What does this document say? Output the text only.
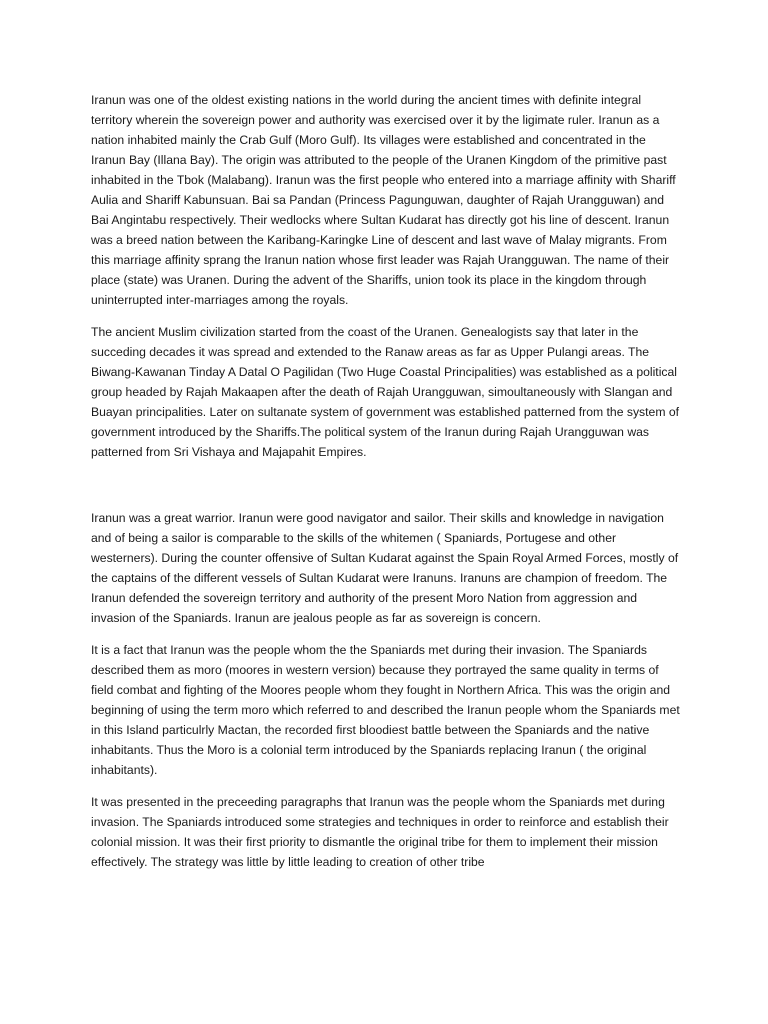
Iranun was one of the oldest existing nations in the world during the ancient times with definite integral territory wherein the sovereign power and authority was exercised over it by the ligimate ruler. Iranun as a nation inhabited mainly the Crab Gulf (Moro Gulf). Its villages were established and concentrated in the Iranun Bay (Illana Bay). The origin was attributed to the people of the Uranen Kingdom of the primitive past inhabited in the Tbok (Malabang). Iranun was the first people who entered into a marriage affinity with Shariff Aulia and Shariff Kabunsuan. Bai sa Pandan (Princess Pagunguwan, daughter of Rajah Urangguwan) and Bai Angintabu respectively. Their wedlocks where Sultan Kudarat has directly got his line of descent. Iranun was a breed nation between the Karibang-Karingke Line of descent and last wave of Malay migrants. From this marriage affinity sprang the Iranun nation whose first leader was Rajah Urangguwan. The name of their place (state) was Uranen. During the advent of the Shariffs, union took its place in the kingdom through uninterrupted inter-marriages among the royals.

The ancient Muslim civilization started from the coast of the Uranen. Genealogists say that later in the succeding decades it was spread and extended to the Ranaw areas as far as Upper Pulangi areas. The Biwang-Kawanan Tinday A Datal O Pagilidan (Two Huge Coastal Principalities) was established as a political group headed by Rajah Makaapen after the death of Rajah Urangguwan, simoultaneously with Slangan and Buayan principalities. Later on sultanate system of government was established patterned from the system of government introduced by the Shariffs.The political system of the Iranun during Rajah Urangguwan was patterned from Sri Vishaya and Majapahit Empires.

Iranun was a great warrior. Iranun were good navigator and sailor. Their skills and knowledge in navigation and of being a sailor is comparable to the skills of the whitemen ( Spaniards, Portugese and other westerners). During the counter offensive of Sultan Kudarat against the Spain Royal Armed Forces, mostly of the captains of the different vessels of Sultan Kudarat were Iranuns. Iranuns are champion of freedom. The Iranun defended the sovereign territory and authority of the present Moro Nation from aggression and invasion of the Spaniards. Iranun are jealous people as far as sovereign is concern.

It is a fact that Iranun was the people whom the the Spaniards met during their invasion. The Spaniards described them as moro (moores in western version) because they portrayed the same quality in terms of field combat and fighting of the Moores people whom they fought in Northern Africa. This was the origin and beginning of using the term moro which referred to and described the Iranun people whom the Spaniards met in this Island particulrly Mactan, the recorded first bloodiest battle between the Spaniards and the native inhabitants. Thus the Moro is a colonial term introduced by the Spaniards replacing Iranun ( the original inhabitants).

It was presented in the preceeding paragraphs that Iranun was the people whom the Spaniards met during invasion. The Spaniards introduced some strategies and techniques in order to reinforce and establish their colonial mission. It was their first priority to dismantle the original tribe for them to implement their mission effectively. The strategy was little by little leading to creation of other tribe
